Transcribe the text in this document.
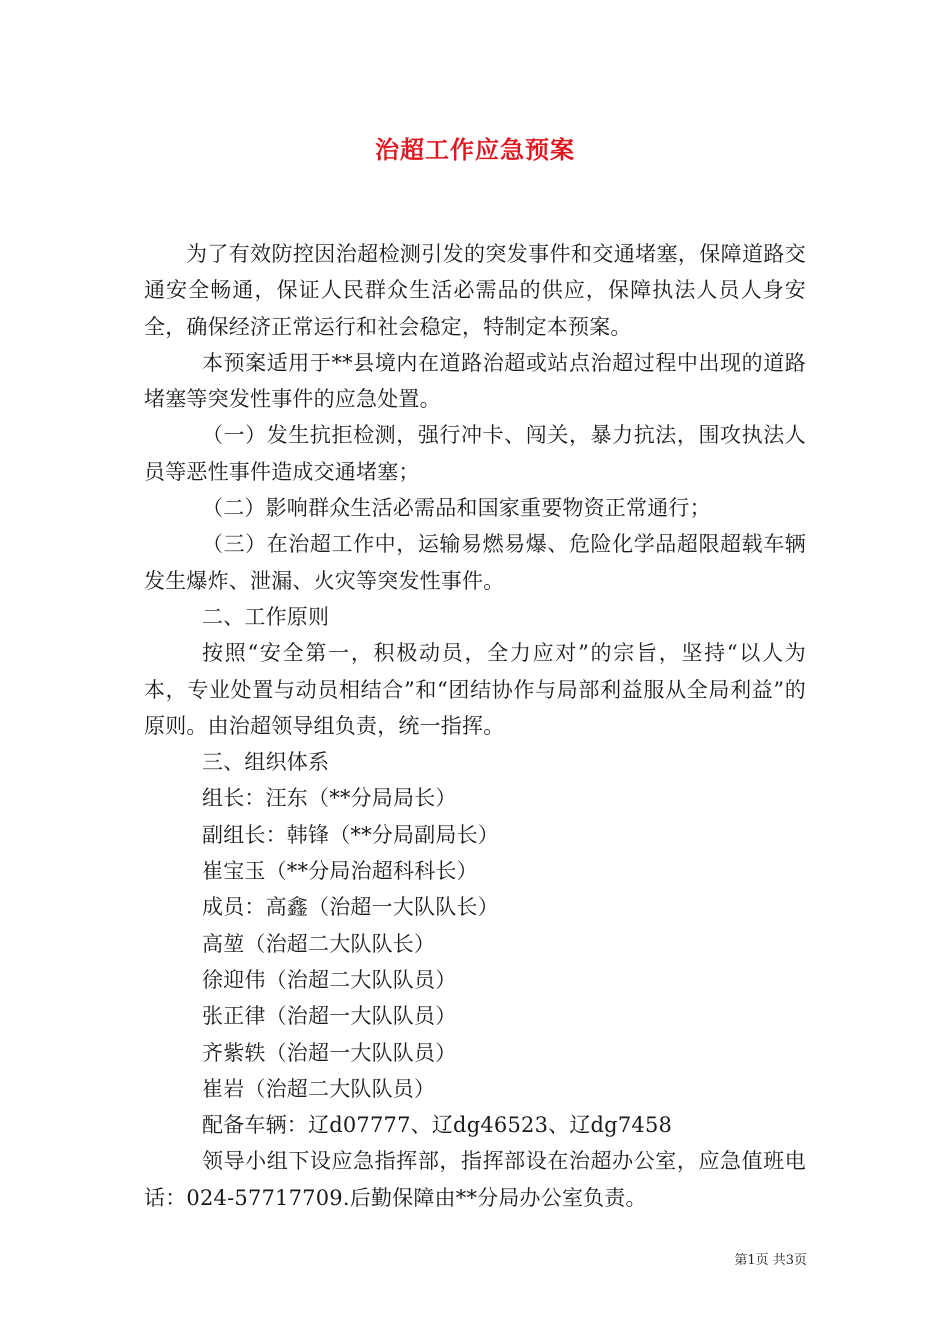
治超工作应急预案

为了有效防控因治超检测引发的突发事件和交通堵塞，保障道路交通安全畅通，保证人民群众生活必需品的供应，保障执法人员人身安全，确保经济正常运行和社会稳定，特制定本预案。

本预案适用于**县境内在道路治超或站点治超过程中出现的道路堵塞等突发性事件的应急处置。

（一）发生抗拒检测，强行冲卡、闯关，暴力抗法，围攻执法人员等恶性事件造成交通堵塞；

（二）影响群众生活必需品和国家重要物资正常通行；

（三）在治超工作中，运输易燃易爆、危险化学品超限超载车辆发生爆炸、泄漏、火灾等突发性事件。

二、工作原则

按照“安全第一，积极动员，全力应对”的宗旨，坚持“以人为本，专业处置与动员相结合”和“团结协作与局部利益服从全局利益”的原则。由治超领导组负责，统一指挥。

三、组织体系

组长：汪东（**分局局长）

副组长：韩锋（**分局副局长）

崔宝玉（**分局治超科科长）

成员：高鑫（治超一大队队长）

高堃（治超二大队队长）

徐迎伟（治超二大队队员）

张正律（治超一大队队员）

齐紫轶（治超一大队队员）

崔岩（治超二大队队员）

配备车辆：辽d07777、辽dg46523、辽dg7458

领导小组下设应急指挥部，指挥部设在治超办公室，应急值班电话：024-57717709.后勤保障由**分局办公室负责。

第1页 共3页
